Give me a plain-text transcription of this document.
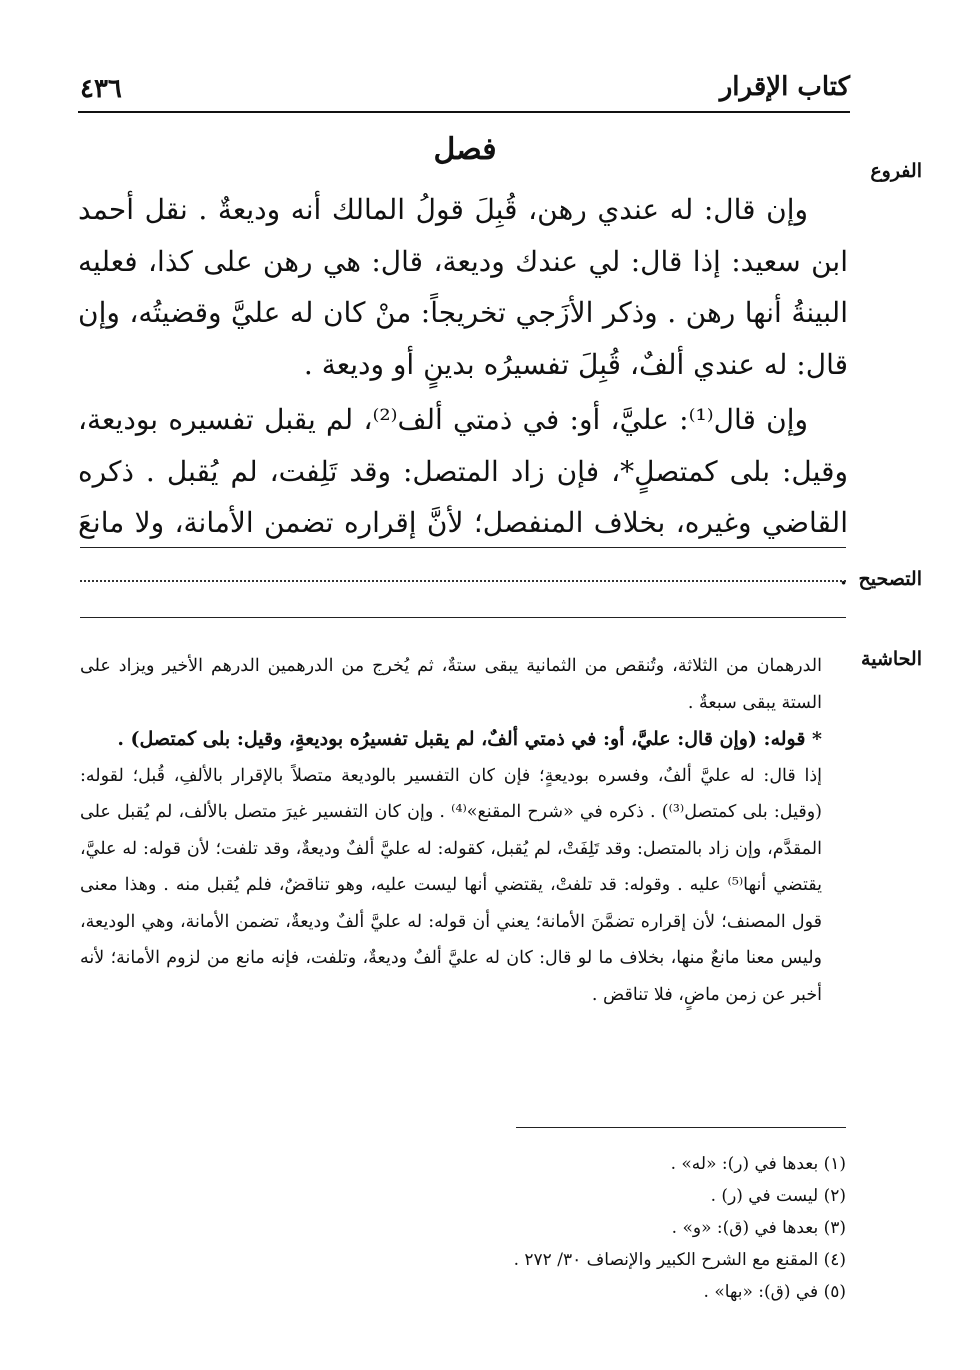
كتاب الإقرار
٤٣٦
الفروع
فصل

وإن قال: له عندي رهن، قُبِلَ قولُ المالك أنه وديعةٌ . نقل أحمد ابن سعيد: إذا قال: لي عندك وديعة، قال: هي رهن على كذا، فعليه البينةُ أنها رهن . وذكر الأزَجي تخريجاً: منْ كان له عليَّ وقضيتُه، وإن قال: له عندي ألفٌ، قُبِلَ تفسيرُه بدينٍ أو وديعة .

وإن قال⁽¹⁾: عليَّ، أو: في ذمتي ألف⁽²⁾، لم يقبل تفسيره بوديعة، وقيل: بلى كمتصلٍ*، فإن زاد المتصل: وقد تَلِفت، لم يُقبل . ذكره القاضي وغيره، بخلاف المنفصل؛ لأنَّ إقراره تضمن الأمانة، ولا مانعَ . التصحيح
الحاشية

الدرهمان من الثلاثة، وتُنقص من الثمانية يبقى ستةٌ، ثم يُخرج من الدرهمين الدرهم الأخير ويزاد على الستة يبقى سبعةٌ .

* قوله: (وإن قال: عليَّ، أو: في ذمتي ألفٌ، لم يقبل تفسيرُه بوديعةٍ، وقيل: بلى كمتصل) .

إذا قال: له عليَّ ألفٌ، وفسره بوديعةٍ؛ فإن كان التفسير بالوديعة متصلاً بالإقرار بالألفِ، قُبل؛ لقوله: (وقيل: بلى كمتصل⁽³⁾) . ذكره في «شرح المقنع»⁽⁴⁾ . وإن كان التفسير غيرَ متصل بالألف، لم يُقبل على المقدَّم، وإن زاد بالمتصل: وقد تَلِفَتْ، لم يُقبل، كقوله: له عليَّ ألفٌ وديعةٌ، وقد تلفت؛ لأن قوله: له عليَّ، يقتضي أنها⁽⁵⁾ عليه . وقوله: قد تلفتْ، يقتضي أنها ليست عليه، وهو تناقضٌ، فلم يُقبل منه . وهذا معنى قول المصنف؛ لأن إقراره تضمَّنَ الأمانة؛ يعني أن قوله: له عليَّ ألفٌ وديعةٌ، تضمن الأمانة، وهي الوديعة، وليس معنا مانعٌ منها، بخلاف ما لو قال: كان له عليَّ ألفٌ وديعةٌ، وتلفت، فإنه مانع من لزوم الأمانة؛ لأنه أخبر عن زمن ماضٍ، فلا تناقض .

(١) بعدها في (ر): «له» .
(٢) ليست في (ر) .
(٣) بعدها في (ق): «و» .
(٤) المقنع مع الشرح الكبير والإنصاف ٣٠/ ٢٧٢ .
(٥) في (ق): «بها» .
